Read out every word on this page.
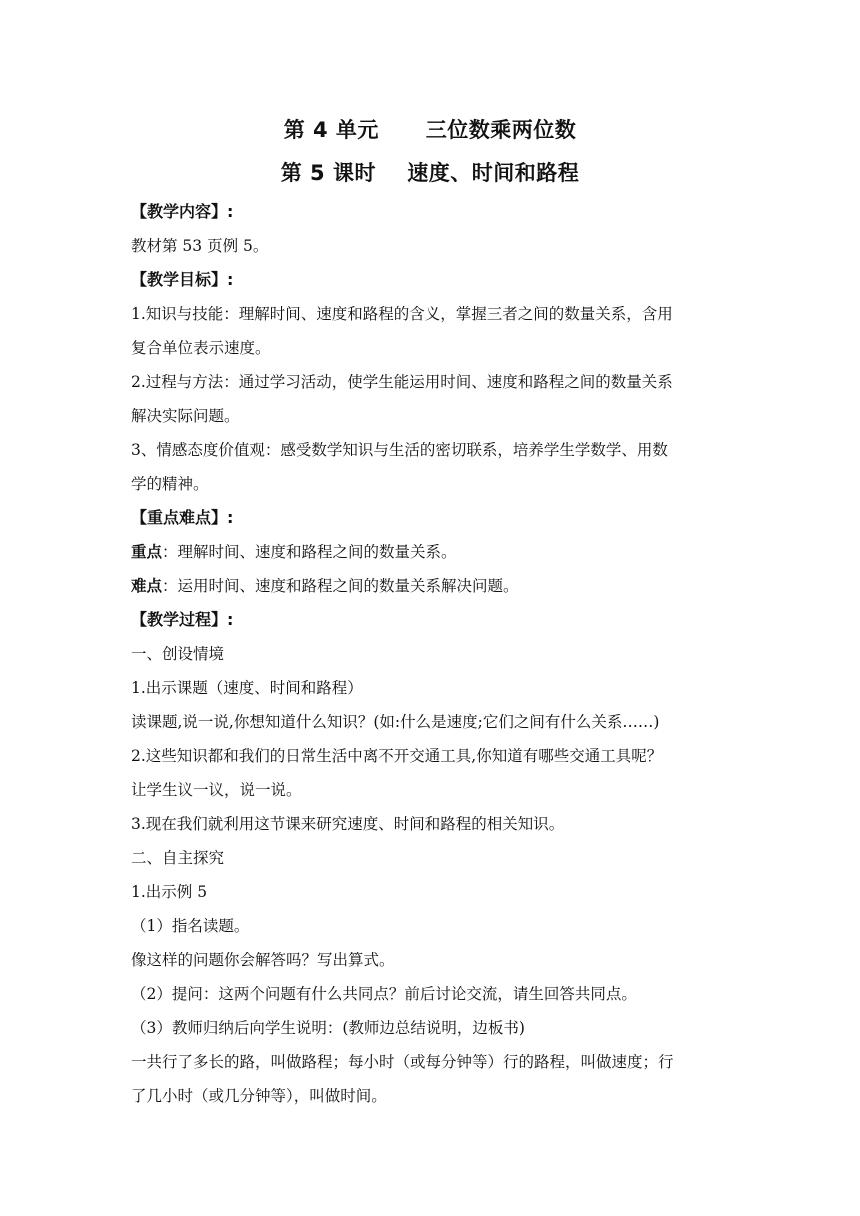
第 4 单元      三位数乘两位数
第 5 课时    速度、时间和路程
【教学内容】:
教材第 53 页例 5。
【教学目标】:
1.知识与技能：理解时间、速度和路程的含义，掌握三者之间的数量关系，含用
复合单位表示速度。
2.过程与方法：通过学习活动，使学生能运用时间、速度和路程之间的数量关系
解决实际问题。
3、情感态度价值观：感受数学知识与生活的密切联系，培养学生学数学、用数
学的精神。
【重点难点】:
重点：理解时间、速度和路程之间的数量关系。
难点：运用时间、速度和路程之间的数量关系解决问题。
【教学过程】:
一、创设情境
1.出示课题（速度、时间和路程）
读课题,说一说,你想知道什么知识？(如:什么是速度;它们之间有什么关系……)
2.这些知识都和我们的日常生活中离不开交通工具,你知道有哪些交通工具呢？
让学生议一议，说一说。
3.现在我们就利用这节课来研究速度、时间和路程的相关知识。
二、自主探究
1.出示例 5
（1）指名读题。
像这样的问题你会解答吗？写出算式。
（2）提问：这两个问题有什么共同点？前后讨论交流，请生回答共同点。
（3）教师归纳后向学生说明：(教师边总结说明，边板书)
一共行了多长的路，叫做路程；每小时（或每分钟等）行的路程，叫做速度；行
了几小时（或几分钟等），叫做时间。
